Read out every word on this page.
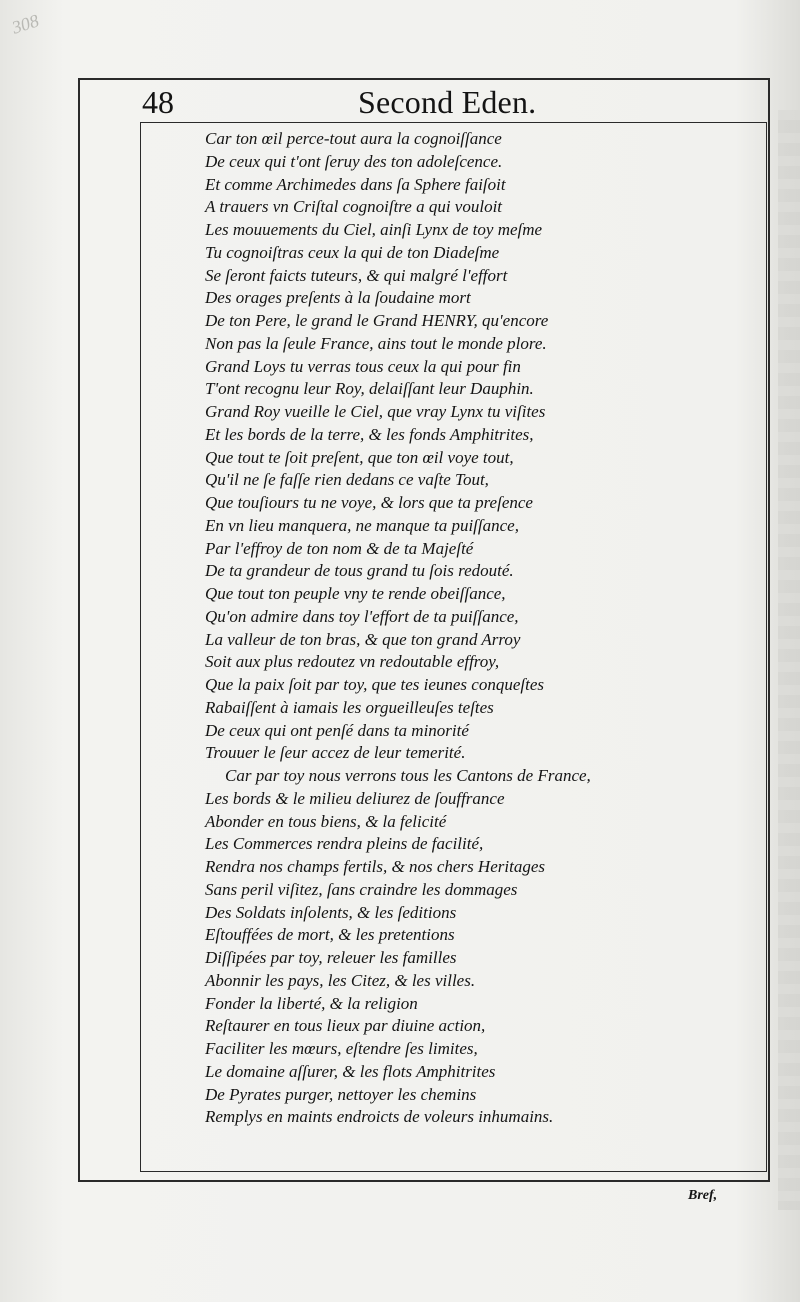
308
48	Second Eden.
Car ton œil perce-tout aura la cognoiſſance
De ceux qui t'ont ſeruy des ton adoleſcence.
Et comme Archimedes dans ſa Sphere faiſoit
A trauers vn Criſtal cognoiſtre a qui vouloit
Les mouuements du Ciel, ainſi Lynx de toy meſme
Tu cognoiſtras ceux la qui de ton Diadeſme
Se ſeront faicts tuteurs, & qui malgré l'effort
Des orages preſents à la ſoudaine mort
De ton Pere, le grand le Grand HENRY, qu'encore
Non pas la ſeule France, ains tout le monde plore.
Grand Loys tu verras tous ceux la qui pour fin
T'ont recognu leur Roy, delaiſſant leur Dauphin.
Grand Roy vueille le Ciel, que vray Lynx tu viſites
Et les bords de la terre, & les fonds Amphitrites,
Que tout te ſoit preſent, que ton œil voye tout,
Qu'il ne ſe faſſe rien dedans ce vaſte Tout,
Que touſiours tu ne voye, & lors que ta preſence
En vn lieu manquera, ne manque ta puiſſance,
Par l'effroy de ton nom & de ta Majeſté
De ta grandeur de tous grand tu ſois redouté.
Que tout ton peuple vny te rende obeiſſance,
Qu'on admire dans toy l'effort de ta puiſſance,
La valleur de ton bras, & que ton grand Arroy
Soit aux plus redoutez vn redoutable effroy,
Que la paix ſoit par toy, que tes ieunes conqueſtes
Rabaiſſent à iamais les orgueilleuſes teſtes
De ceux qui ont penſé dans ta minorité
Trouuer le ſeur accez de leur temerité.
Car par toy nous verrons tous les Cantons de France,
Les bords & le milieu deliurez de ſouffrance
Abonder en tous biens, & la felicité
Les Commerces rendra pleins de facilité,
Rendra nos champs fertils, & nos chers Heritages
Sans peril viſitez, ſans craindre les dommages
Des Soldats inſolents, & les ſeditions
Eſtouffées de mort, & les pretentions
Diſſipées par toy, releuer les familles
Abonnir les pays, les Citez, & les villes.
Fonder la liberté, & la religion
Reſtaurer en tous lieux par diuine action,
Faciliter les mœurs, eſtendre ſes limites,
Le domaine aſſurer, & les flots Amphitrites
De Pyrates purger, nettoyer les chemins
Remplys en maints endroicts de voleurs inhumains.
Bref,
